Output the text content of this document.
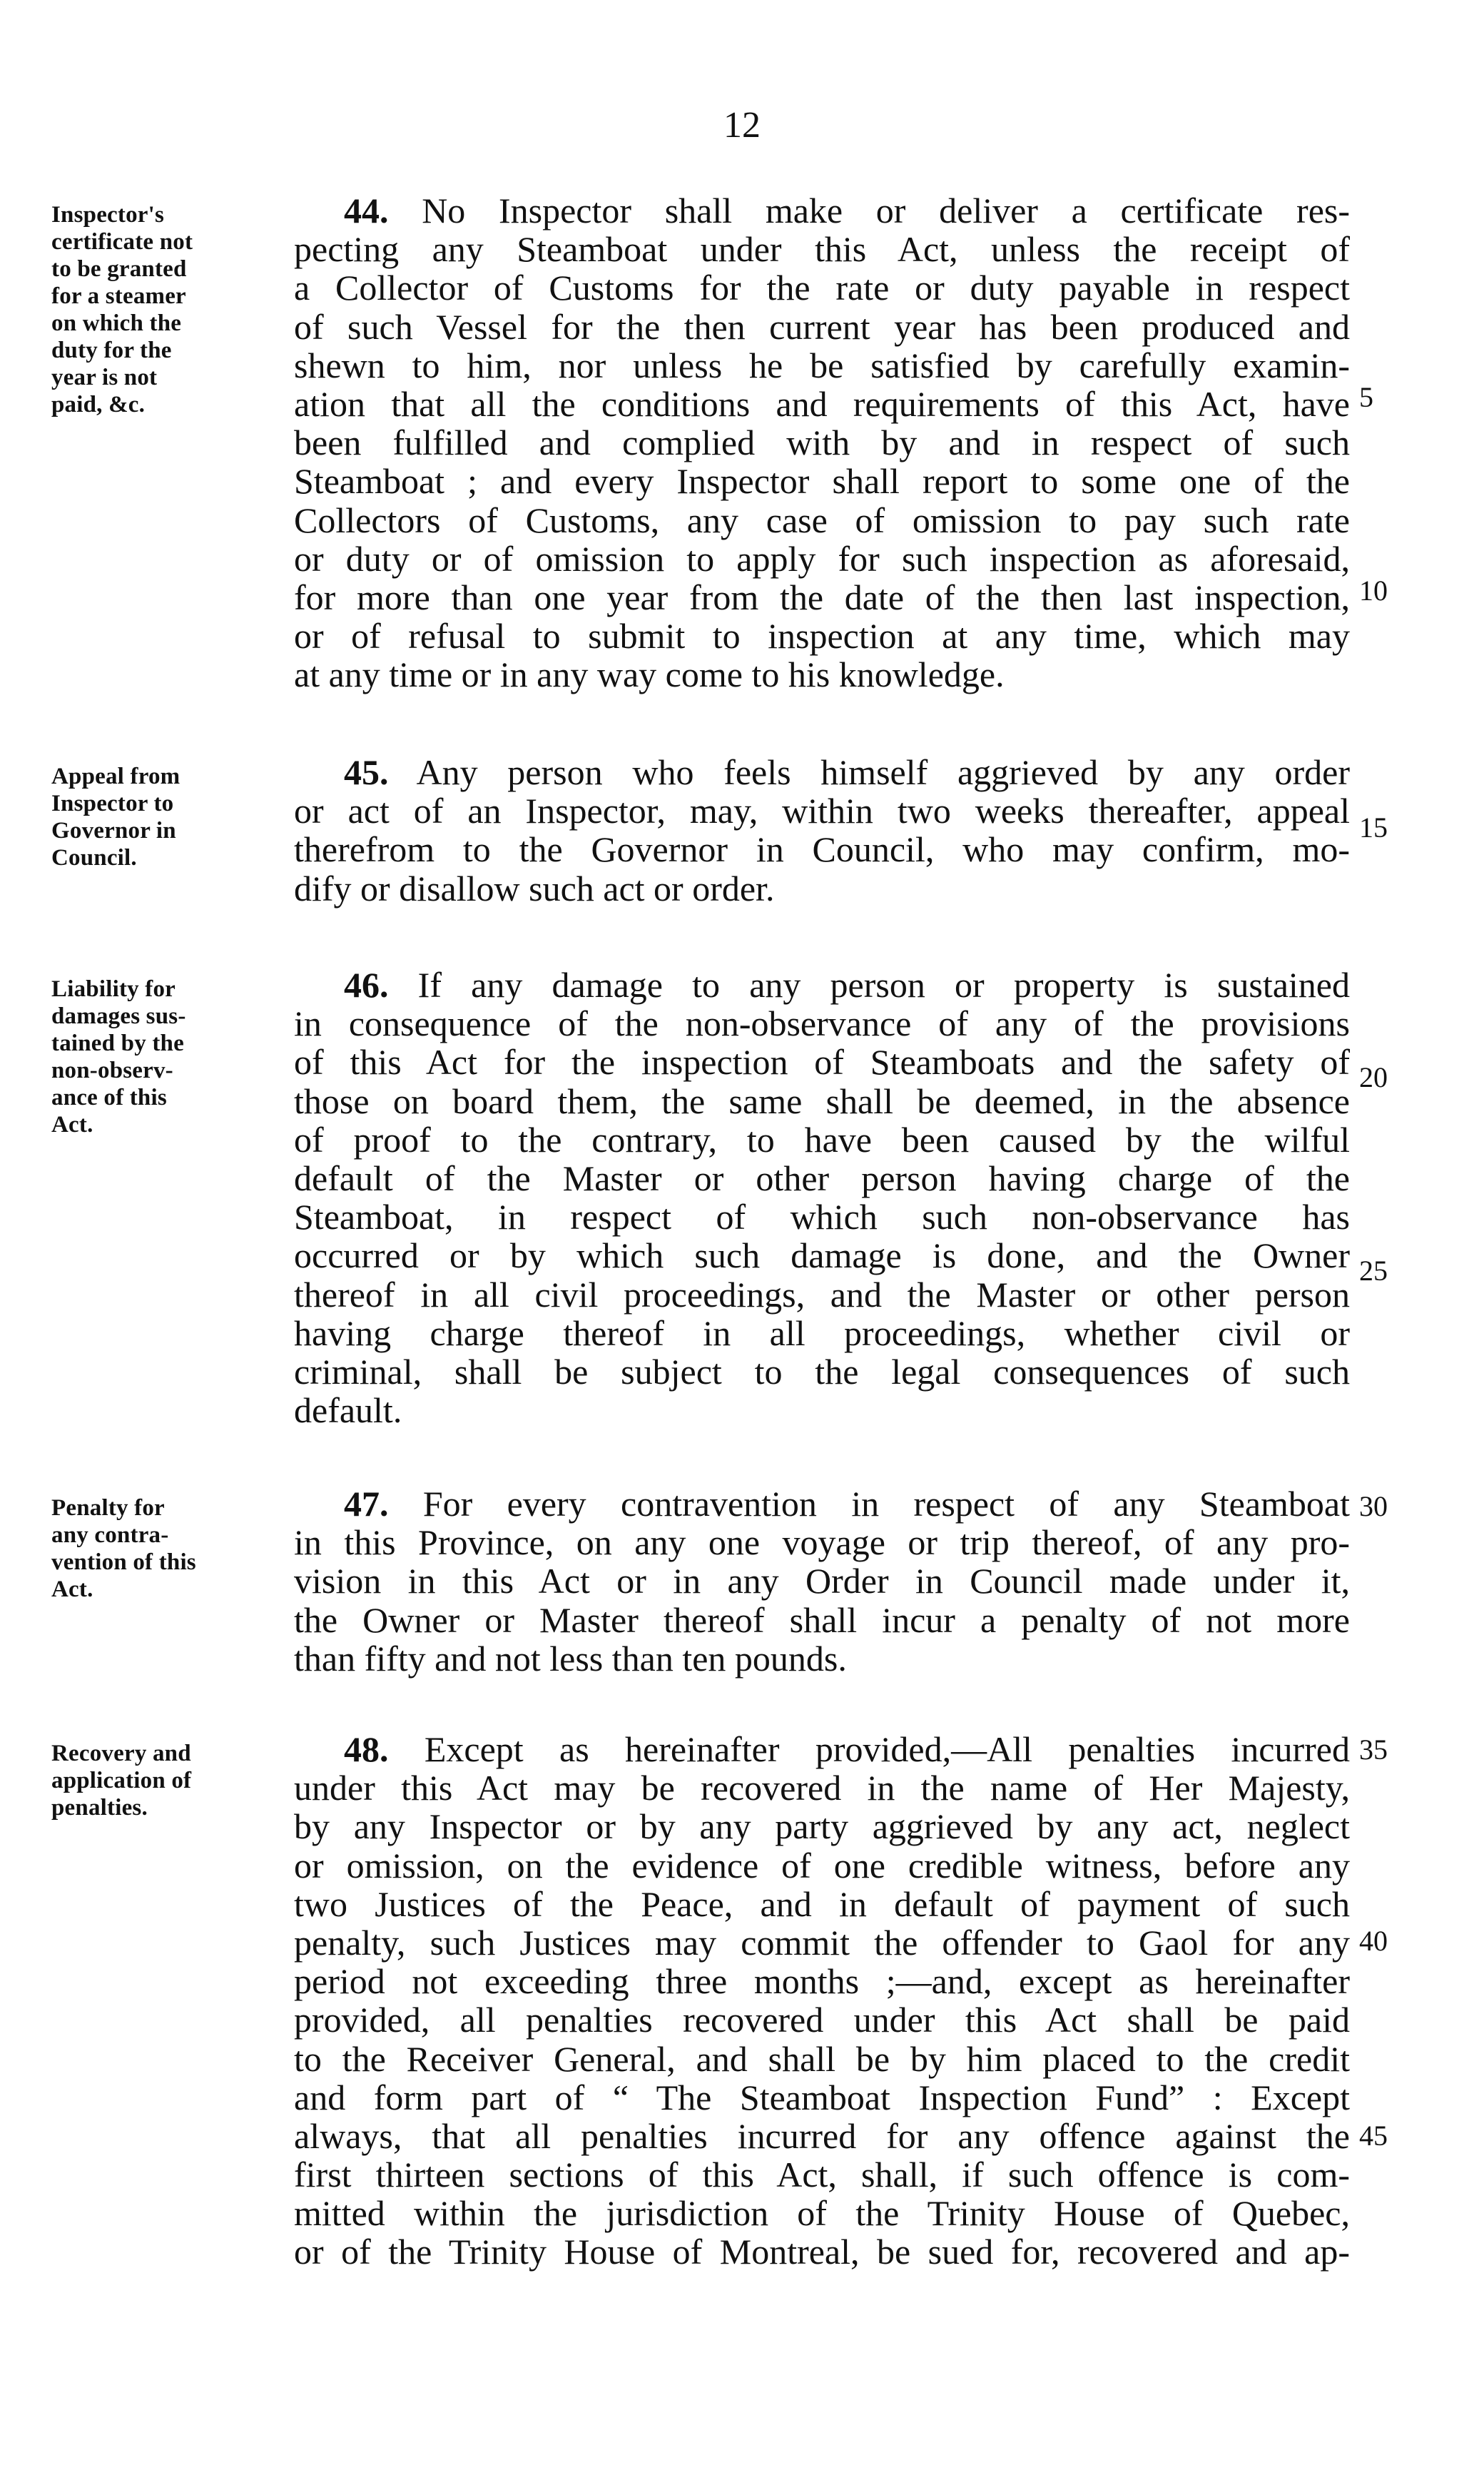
12
Inspector's
certificate not
to be granted
for a steamer
on which the
duty for the
year is not
paid, &c.
44. No Inspector shall make or deliver a certificate res-
pecting any Steamboat under this Act, unless the receipt of
a Collector of Customs for the rate or duty payable in respect
of such Vessel for the then current year has been produced and
shewn to him, nor unless he be satisfied by carefully examin-
ation that all the conditions and requirements of this Act, have
been fulfilled and complied with by and in respect of such
Steamboat ; and every Inspector shall report to some one of the
Collectors of Customs, any case of omission to pay such rate
or duty or of omission to apply for such inspection as aforesaid,
for more than one year from the date of the then last inspection,
or of refusal to submit to inspection at any time, which may
at any time or in any way come to his knowledge.
Appeal from
Inspector to
Governor in
Council.
45. Any person who feels himself aggrieved by any order
or act of an Inspector, may, within two weeks thereafter, appeal
therefrom to the Governor in Council, who may confirm, mo-
dify or disallow such act or order.
Liability for
damages sus-
tained by the
non-observ-
ance of this
Act.
46. If any damage to any person or property is sustained
in consequence of the non-observance of any of the provisions
of this Act for the inspection of Steamboats and the safety of
those on board them, the same shall be deemed, in the absence
of proof to the contrary, to have been caused by the wilful
default of the Master or other person having charge of the
Steamboat, in respect of which such non-observance has
occurred or by which such damage is done, and the Owner
thereof in all civil proceedings, and the Master or other person
having charge thereof in all proceedings, whether civil or
criminal, shall be subject to the legal consequences of such
default.
Penalty for
any contra-
vention of this
Act.
47. For every contravention in respect of any Steamboat
in this Province, on any one voyage or trip thereof, of any pro-
vision in this Act or in any Order in Council made under it,
the Owner or Master thereof shall incur a penalty of not more
than fifty and not less than ten pounds.
Recovery and
application of
penalties.
48. Except as hereinafter provided,—All penalties incurred
under this Act may be recovered in the name of Her Majesty,
by any Inspector or by any party aggrieved by any act, neglect
or omission, on the evidence of one credible witness, before any
two Justices of the Peace, and in default of payment of such
penalty, such Justices may commit the offender to Gaol for any
period not exceeding three months ;—and, except as hereinafter
provided, all penalties recovered under this Act shall be paid
to the Receiver General, and shall be by him placed to the credit
and form part of “ The Steamboat Inspection Fund” : Except
always, that all penalties incurred for any offence against the
first thirteen sections of this Act, shall, if such offence is com-
mitted within the jurisdiction of the Trinity House of Quebec,
or of the Trinity House of Montreal, be sued for, recovered and ap-
5
10
15
20
25
30
35
40
45
